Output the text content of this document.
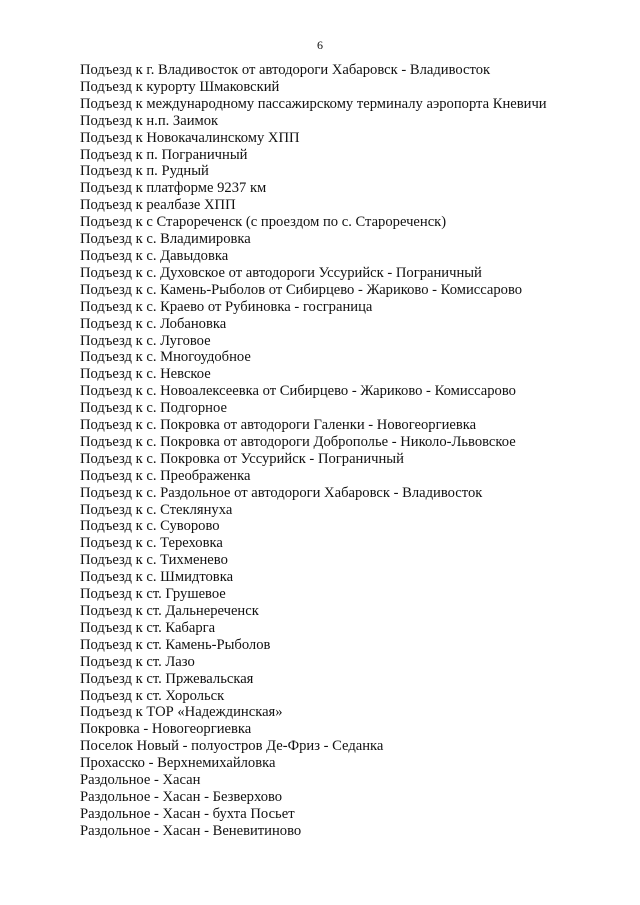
6
Подъезд к г. Владивосток от автодороги Хабаровск - Владивосток
Подъезд к курорту Шмаковский
Подъезд к международному пассажирскому терминалу аэропорта Кневичи
Подъезд к н.п. Заимок
Подъезд к Новокачалинскому ХПП
Подъезд к п. Пограничный
Подъезд к п. Рудный
Подъезд к платформе 9237 км
Подъезд к реалбазе ХПП
Подъезд к с Старореченск (с проездом по с. Старореченск)
Подъезд к с. Владимировка
Подъезд к с. Давыдовка
Подъезд к с. Духовское от автодороги Уссурийск - Пограничный
Подъезд к с. Камень-Рыболов от Сибирцево - Жариково - Комиссарово
Подъезд к с. Краево от Рубиновка - госграница
Подъезд к с. Лобановка
Подъезд к с. Луговое
Подъезд к с. Многоудобное
Подъезд к с. Невское
Подъезд к с. Новоалексеевка от Сибирцево - Жариково - Комиссарово
Подъезд к с. Подгорное
Подъезд к с. Покровка от автодороги Галенки - Новогеоргиевка
Подъезд к с. Покровка от автодороги Доброполье - Николо-Львовское
Подъезд к с. Покровка от Уссурийск - Пограничный
Подъезд к с. Преображенка
Подъезд к с. Раздольное от автодороги Хабаровск - Владивосток
Подъезд к с. Стеклянуха
Подъезд к с. Суворово
Подъезд к с. Тереховка
Подъезд к с. Тихменево
Подъезд к с. Шмидтовка
Подъезд к ст. Грушевое
Подъезд к ст. Дальнереченск
Подъезд к ст. Кабарга
Подъезд к ст. Камень-Рыболов
Подъезд к ст. Лазо
Подъезд к ст. Пржевальская
Подъезд к ст. Хорольск
Подъезд к ТОР «Надеждинская»
Покровка - Новогеоргиевка
Поселок Новый - полуостров Де-Фриз - Седанка
Прохасско - Верхнемихайловка
Раздольное - Хасан
Раздольное - Хасан - Безверхово
Раздольное - Хасан - бухта Посьет
Раздольное - Хасан - Веневитиново
